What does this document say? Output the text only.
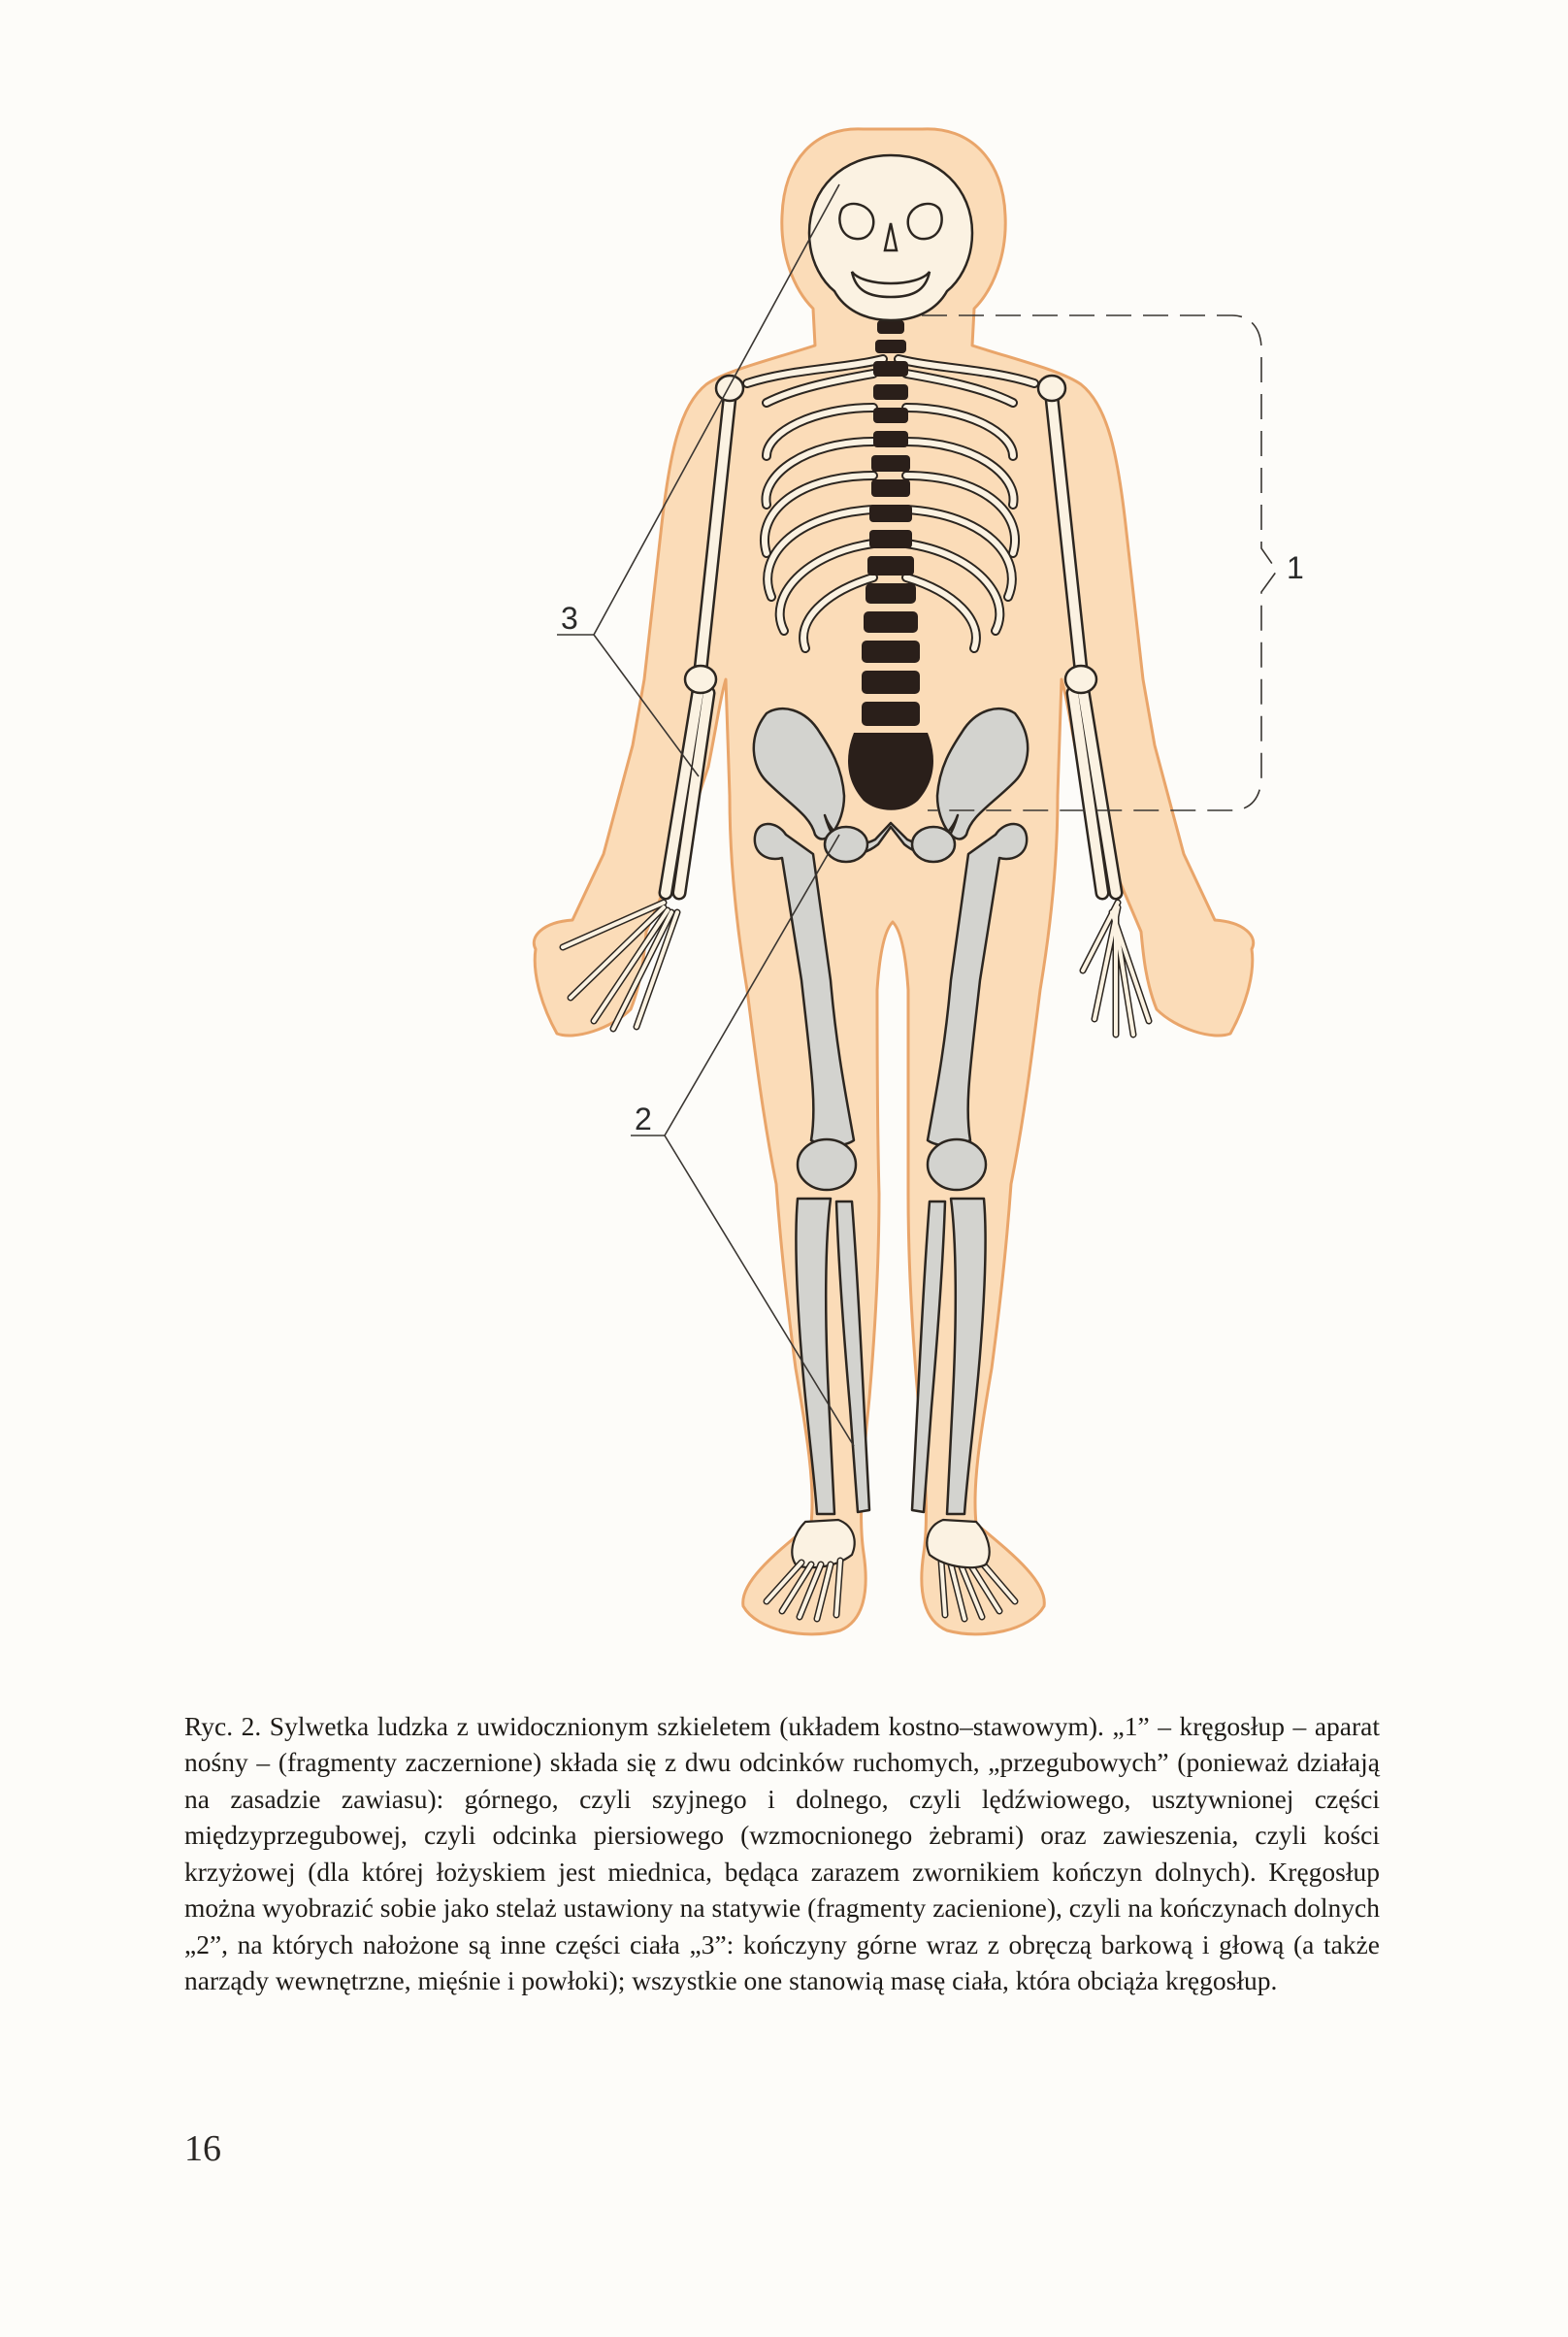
1
3
2

Ryc. 2. Sylwetka ludzka z uwidocznionym szkieletem (układem kostno–stawowym). „1” – kręgosłup – aparat nośny – (fragmenty zaczernione) składa się z dwu odcinków ruchomych, „przegubowych” (ponieważ działają na zasadzie zawiasu): górnego, czyli szyjnego i dolnego, czyli lędźwiowego, usztywnionej części międzyprzegubowej, czyli odcinka piersiowego (wzmocnionego żebrami) oraz zawieszenia, czyli kości krzyżowej (dla której łożyskiem jest miednica, będąca zarazem zwornikiem kończyn dolnych). Kręgosłup można wyobrazić sobie jako stelaż ustawiony na statywie (fragmenty zacienione), czyli na kończynach dolnych „2”, na których nałożone są inne części ciała „3”: kończyny górne wraz z obręczą barkową i głową (a także narządy wewnętrzne, mięśnie i powłoki); wszystkie one stanowią masę ciała, która obciąża kręgosłup.

16
